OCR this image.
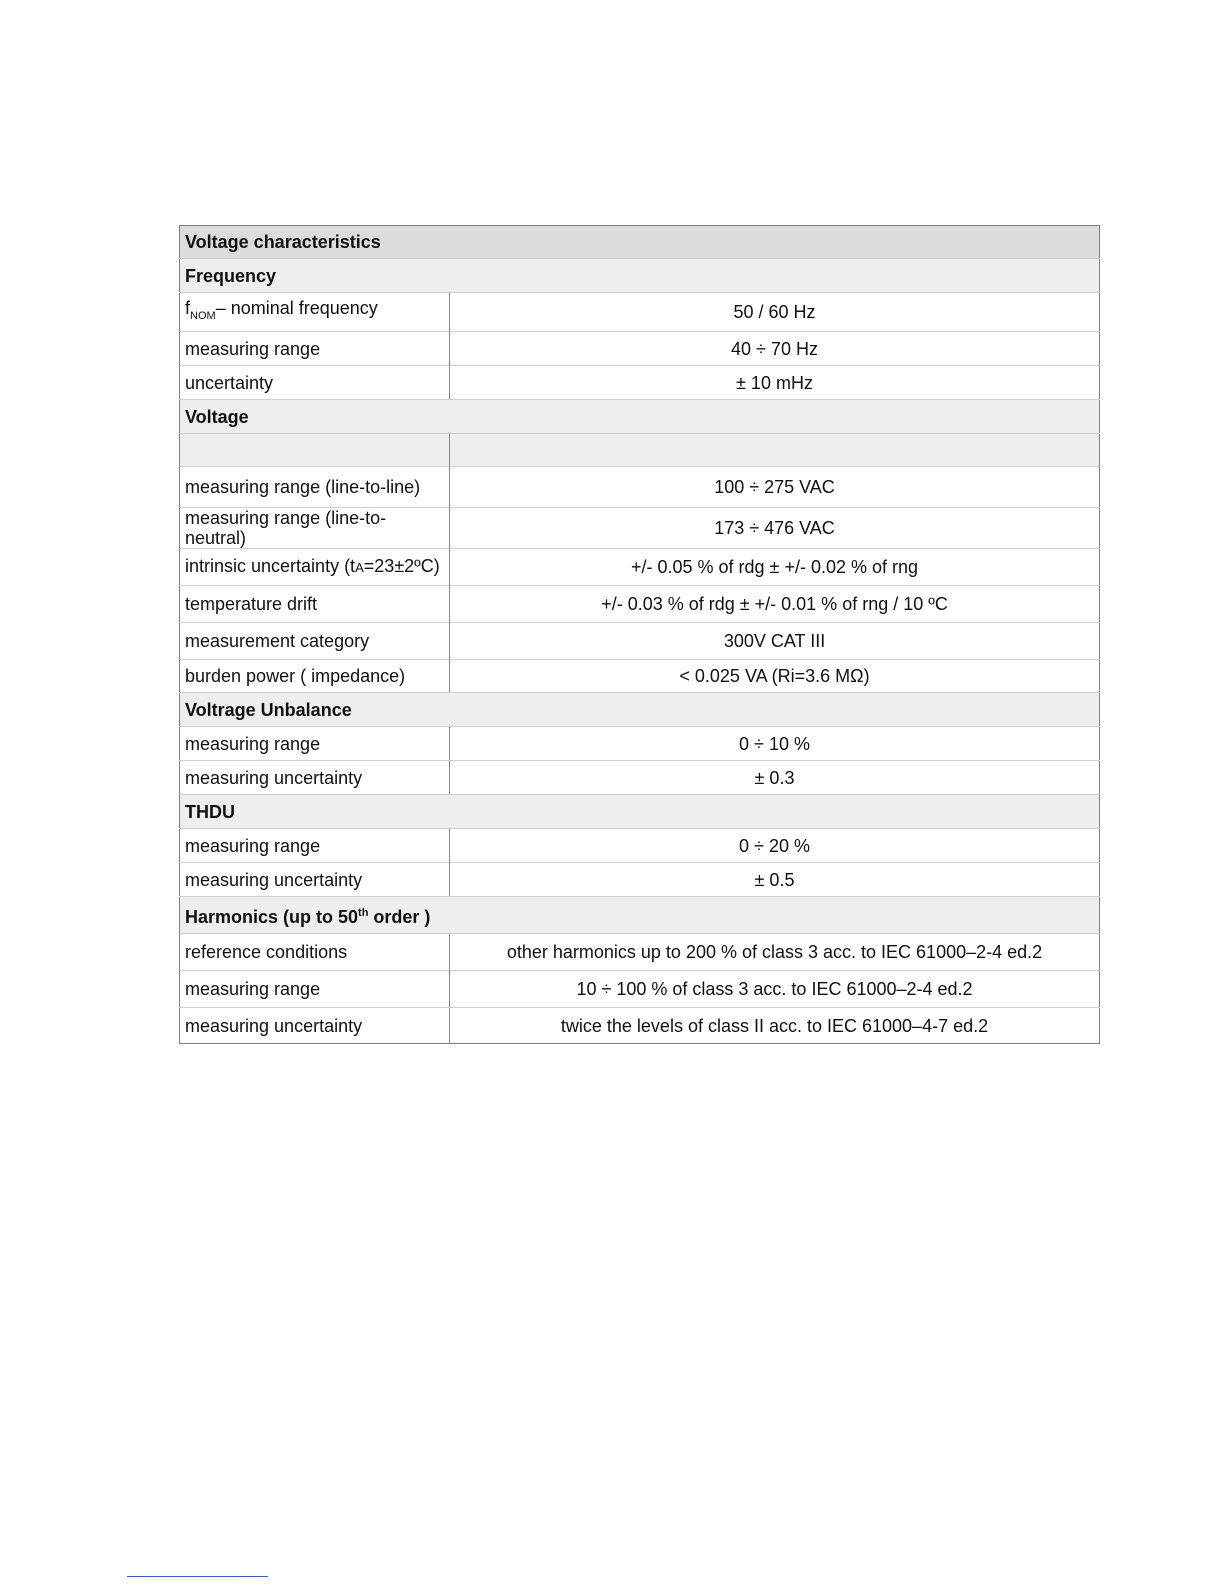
Voltage characteristics	
Frequency	
$f_{NOM}-$ nominal frequency	50 / 60 Hz
measuring range	40 ÷ 70 Hz
uncertainty	± 10 mHz
Voltage	

measuring range (line-to-line)	100 ÷ 275 VAC
measuring range (line-to-neutral)	173 ÷ 476 VAC
intrinsic uncertainty (tA=23±2ºC)	+/- 0.05 % of rdg ± +/- 0.02 % of rng
temperature drift	+/- 0.03 % of rdg ± +/- 0.01 % of rng / 10 ºC
measurement category	300V CAT III
burden power ( impedance)	< 0.025 VA (Ri=3.6 MΩ)
Voltrage Unbalance	
measuring range	0 ÷ 10 %
measuring uncertainty	± 0.3
THDU	
measuring range	0 ÷ 20 %
measuring uncertainty	± 0.5
Harmonics (up to 50th order )	
reference conditions	other harmonics up to 200 % of class 3 acc. to IEC 61000–2-4 ed.2
measuring range	10 ÷ 100 % of class 3 acc. to IEC 61000–2-4 ed.2
measuring uncertainty	twice the levels of class II acc. to IEC 61000–4-7 ed.2
